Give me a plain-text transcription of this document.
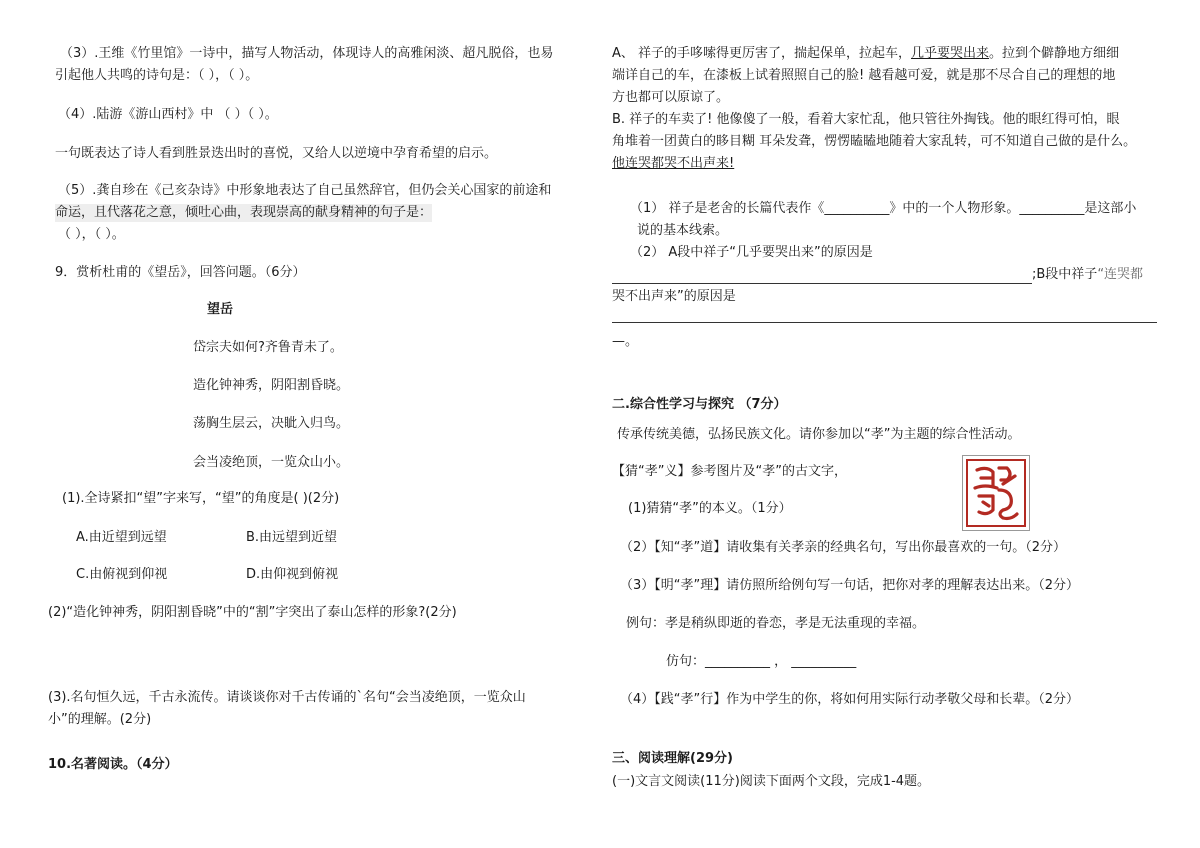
（3）.王维《竹里馆》一诗中，描写人物活动，体现诗人的高雅闲淡、超凡脱俗，也易
引起他人共鸣的诗句是：（ ），（ ）。
（4）.陆游《游山西村》中 （ ）（ ）。
一句既表达了诗人看到胜景迭出时的喜悦，又给人以逆境中孕育希望的启示。
（5）.龚自珍在《己亥杂诗》中形象地表达了自己虽然辞官，但仍会关心国家的前途和
命运，且代落花之意，倾吐心曲，表现崇高的献身精神的句子是：
（ ），（ ）。
9．赏析杜甫的《望岳》，回答问题。（6分）
望岳
岱宗夫如何?齐鲁青未了。
造化钟神秀，阴阳割昏晓。
荡胸生层云，决眦入归鸟。
会当凌绝顶，一览众山小。
(1).全诗紧扣“望”字来写，“望”的角度是( )(2分)
A.由近望到远望	B.由远望到近望
C.由俯视到仰视	D.由仰视到俯视
(2)“造化钟神秀，阴阳割昏晓”中的“割”字突出了泰山怎样的形象?(2分)
(3).名句恒久远，千古永流传。请谈谈你对千古传诵的`名句“会当凌绝顶，一览众山
小”的理解。(2分)
10.名著阅读。（4分）
A、 祥子的手哆嗦得更厉害了，揣起保单，拉起车，几乎要哭出来。拉到个僻静地方细细
端详自己的车，在漆板上试着照照自己的脸! 越看越可爱，就是那不尽合自己的理想的地
方也都可以原谅了。
B. 祥子的车卖了! 他像傻了一般，看着大家忙乱，他只管往外掏钱。他的眼红得可怕，眼
角堆着一团黄白的眵目糊 耳朵发聋，愣愣瞌瞌地随着大家乱转，可不知道自己做的是什么。
他连哭都哭不出声来!
（1） 祥子是老舍的长篇代表作《__________》中的一个人物形象。__________是这部小
说的基本线索。
（2） A段中祥子“几乎要哭出来”的原因是
;B段中祥子“连哭都
哭不出声来”的原因是
—。
二.综合性学习与探究 （7分）
传承传统美德，弘扬民族文化。请你参加以“孝”为主题的综合性活动。
【猜“孝”义】参考图片及“孝”的古文字，
(1)猜猜“孝”的本义。（1分）
（2）【知“孝”道】请收集有关孝亲的经典名句，写出你最喜欢的一句。（2分）
（3）【明“孝”理】请仿照所给例句写一句话，把你对孝的理解表达出来。（2分）
例句：孝是稍纵即逝的眷恋，孝是无法重现的幸福。
仿句：__________ ， __________
（4）【践“孝”行】作为中学生的你，将如何用实际行动孝敬父母和长辈。（2分）
三、阅读理解(29分)
(一)文言文阅读(11分)阅读下面两个文段，完成1-4题。
